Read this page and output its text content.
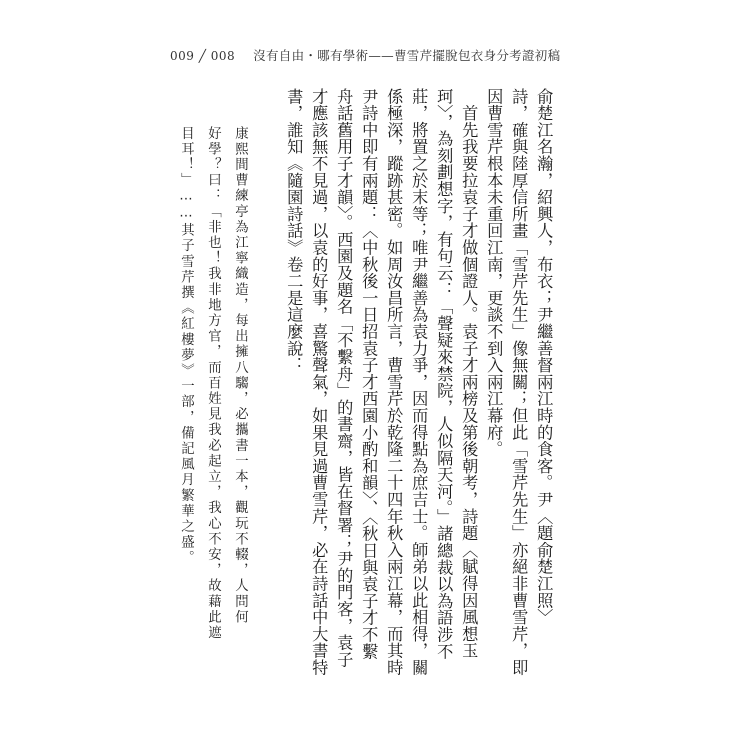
009 ╱ 008 沒有自由・哪有學術——曹雪芹擺脫包衣身分考證初稿
俞楚江名瀚，紹興人，布衣；尹繼善督兩江時的食客。尹〈題俞楚江照〉
詩，確與陸厚信所畫「雪芹先生」像無關；但此「雪芹先生」亦絕非曹雪芹，即
因曹雪芹根本未重回江南，更談不到入兩江幕府。
　首先我要拉袁子才做個證人。袁子才兩榜及第後朝考，詩題〈賦得因風想玉
珂〉，為刻劃想字，有句云：「聲疑來禁院，人似隔天河。」諸總裁以為語涉不
莊，將置之於末等；唯尹繼善為袁力爭，因而得點為庶吉士。師弟以此相得，關
係極深，蹤跡甚密。如周汝昌所言，曹雪芹於乾隆二十四年秋入兩江幕，而其時
尹詩中即有兩題：〈中秋後一日招袁子才西園小酌和韻〉、〈秋日與袁子才不繫
舟話舊用子才韻〉。西園及題名「不繫舟」的書齋，皆在督署；尹的門客，袁子
才應該無不見過，以袁的好事，喜驚聲氣，如果見過曹雪芹，必在詩話中大書特
書，誰知《隨園詩話》卷二是這麼說：
康熙間曹練亭為江寧織造，每出擁八騶，必攜書一本，觀玩不輟，人問何
好學？曰：「非也！我非地方官，而百姓見我必起立，我心不安，故藉此遮
目耳！」……其子雪芹撰《紅樓夢》一部，備記風月繁華之盛。
